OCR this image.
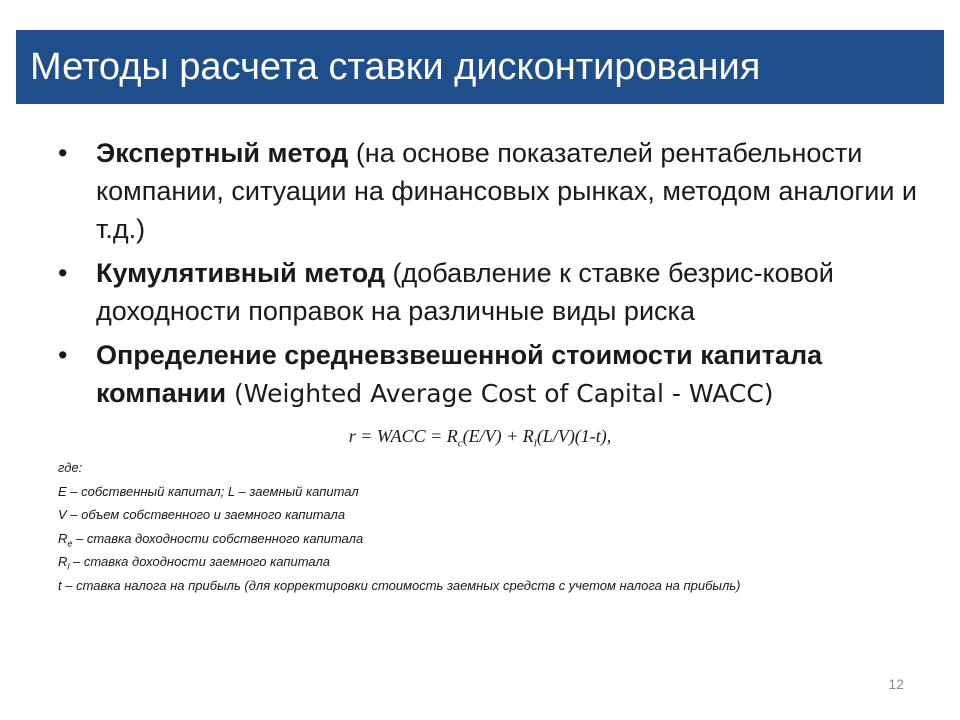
Методы расчета ставки дисконтирования
• Экспертный метод (на основе показателей рентабельности компании, ситуации на финансовых рынках, методом аналогии и т.д.)
• Кумулятивный метод (добавление к ставке безрис-ковой доходности поправок на различные виды риска
• Определение средневзвешенной стоимости капитала компании (Weighted Average Cost of Capital - WACC)
r = WACC = $R_c(E/V) + R_l(L/V)(1-t)$,
где:
E – собственный капитал; L – заемный капитал
V – объем собственного и заемного капитала
$R_e$ – ставка доходности собственного капитала
$R_l$ – ставка доходности заемного капитала
t – ставка налога на прибыль (для корректировки стоимость заемных средств с учетом налога на прибыль)
12
